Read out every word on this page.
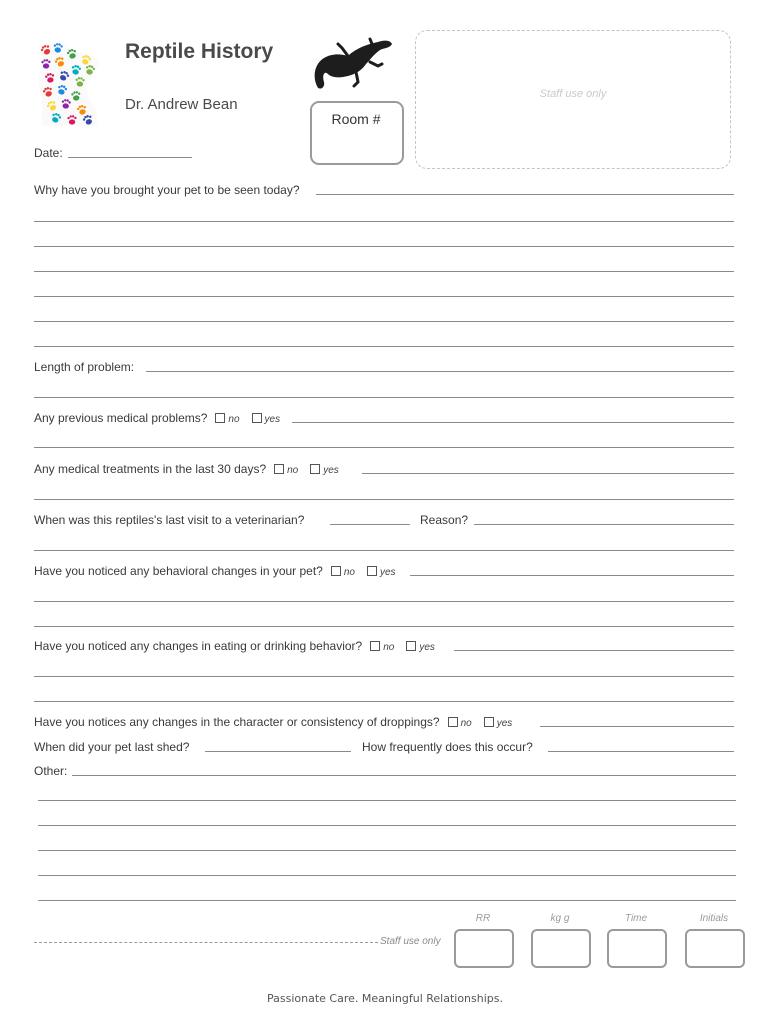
Reptile History
Dr. Andrew Bean
Room #
Staff use only
Date:
Why have you brought your pet to be seen today?
Length of problem:
Any previous medical problems? no	yes
Any medical treatments in the last 30 days? no	yes
When was this reptiles's last visit to a veterinarian?	Reason?
Have you noticed any behavioral changes in your pet? no	yes
Have you noticed any changes in eating or drinking behavior? no	yes
Have you notices any changes in the character or consistency of droppings? no	yes
When did your pet last shed?	How frequently does this occur?
Other:
RR	kg g	Time	Initials
Staff use only
Passionate Care. Meaningful Relationships.
